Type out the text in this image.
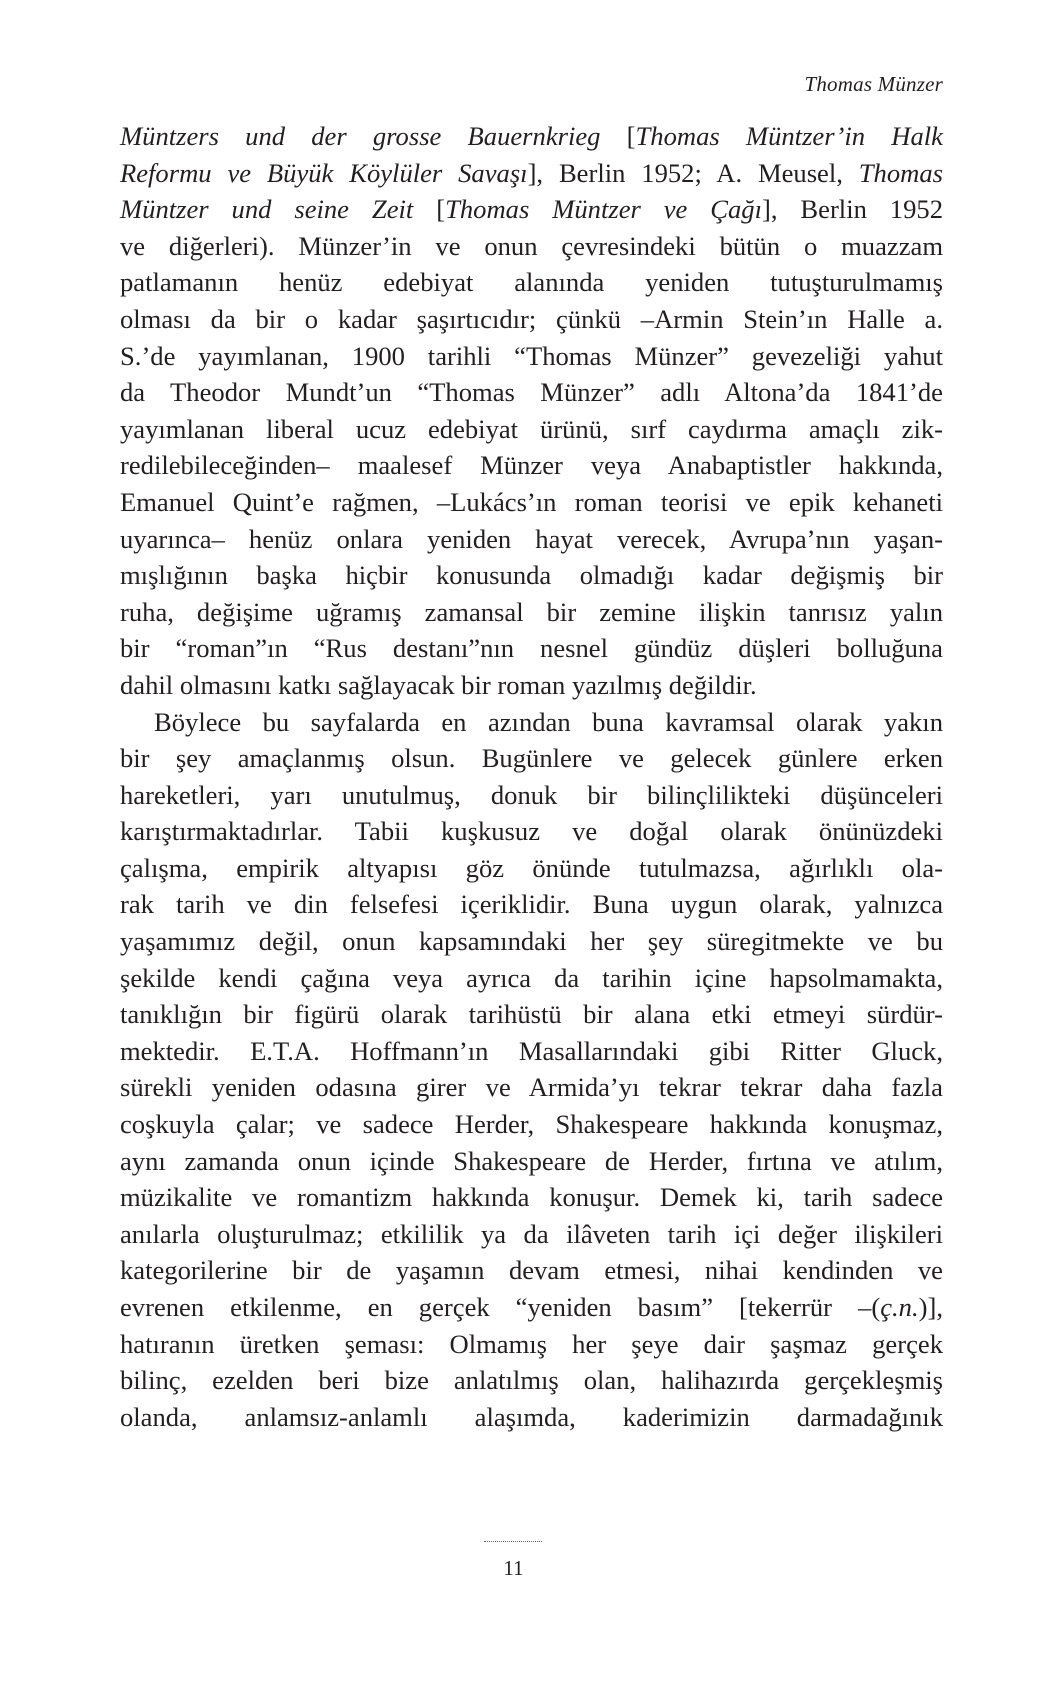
Thomas Münzer
Müntzers und der grosse Bauernkrieg [Thomas Müntzer’in Halk
Reformu ve Büyük Köylüler Savaşı], Berlin 1952; A. Meusel, Thomas
Müntzer und seine Zeit [Thomas Müntzer ve Çağı], Berlin 1952
ve diğerleri). Münzer’in ve onun çevresindeki bütün o muazzam
patlamanın henüz edebiyat alanında yeniden tutuşturulmamış
olması da bir o kadar şaşırtıcıdır; çünkü –Armin Stein’ın Halle a.
S.’de yayımlanan, 1900 tarihli “Thomas Münzer” gevezeliği yahut
da Theodor Mundt’un “Thomas Münzer” adlı Altona’da 1841’de
yayımlanan liberal ucuz edebiyat ürünü, sırf caydırma amaçlı zik-
redilebileceğinden– maalesef Münzer veya Anabaptistler hakkında,
Emanuel Quint’e rağmen, –Lukács’ın roman teorisi ve epik kehaneti
uyarınca– henüz onlara yeniden hayat verecek, Avrupa’nın yaşan-
mışlığının başka hiçbir konusunda olmadığı kadar değişmiş bir
ruha, değişime uğramış zamansal bir zemine ilişkin tanrısız yalın
bir “roman”ın “Rus destanı”nın nesnel gündüz düşleri bolluğuna
dahil olmasını katkı sağlayacak bir roman yazılmış değildir.
Böylece bu sayfalarda en azından buna kavramsal olarak yakın
bir şey amaçlanmış olsun. Bugünlere ve gelecek günlere erken
hareketleri, yarı unutulmuş, donuk bir bilinçlilikteki düşünceleri
karıştırmaktadırlar. Tabii kuşkusuz ve doğal olarak önünüzdeki
çalışma, empirik altyapısı göz önünde tutulmazsa, ağırlıklı ola-
rak tarih ve din felsefesi içeriklidir. Buna uygun olarak, yalnızca
yaşamımız değil, onun kapsamındaki her şey süregitmekte ve bu
şekilde kendi çağına veya ayrıca da tarihin içine hapsolmamakta,
tanıklığın bir figürü olarak tarihüstü bir alana etki etmeyi sürdür-
mektedir. E.T.A. Hoffmann’ın Masallarındaki gibi Ritter Gluck,
sürekli yeniden odasına girer ve Armida’yı tekrar tekrar daha fazla
coşkuyla çalar; ve sadece Herder, Shakespeare hakkında konuşmaz,
aynı zamanda onun içinde Shakespeare de Herder, fırtına ve atılım,
müzikalite ve romantizm hakkında konuşur. Demek ki, tarih sadece
anılarla oluşturulmaz; etkililik ya da ilâveten tarih içi değer ilişkileri
kategorilerine bir de yaşamın devam etmesi, nihai kendinden ve
evrenen etkilenme, en gerçek “yeniden basım” [tekerrür –(ç.n.)],
hatıranın üretken şeması: Olmamış her şeye dair şaşmaz gerçek
bilinç, ezelden beri bize anlatılmış olan, halihazırda gerçekleşmiş
olanda, anlamsız-anlamlı alaşımda, kaderimizin darmadağınık
11
